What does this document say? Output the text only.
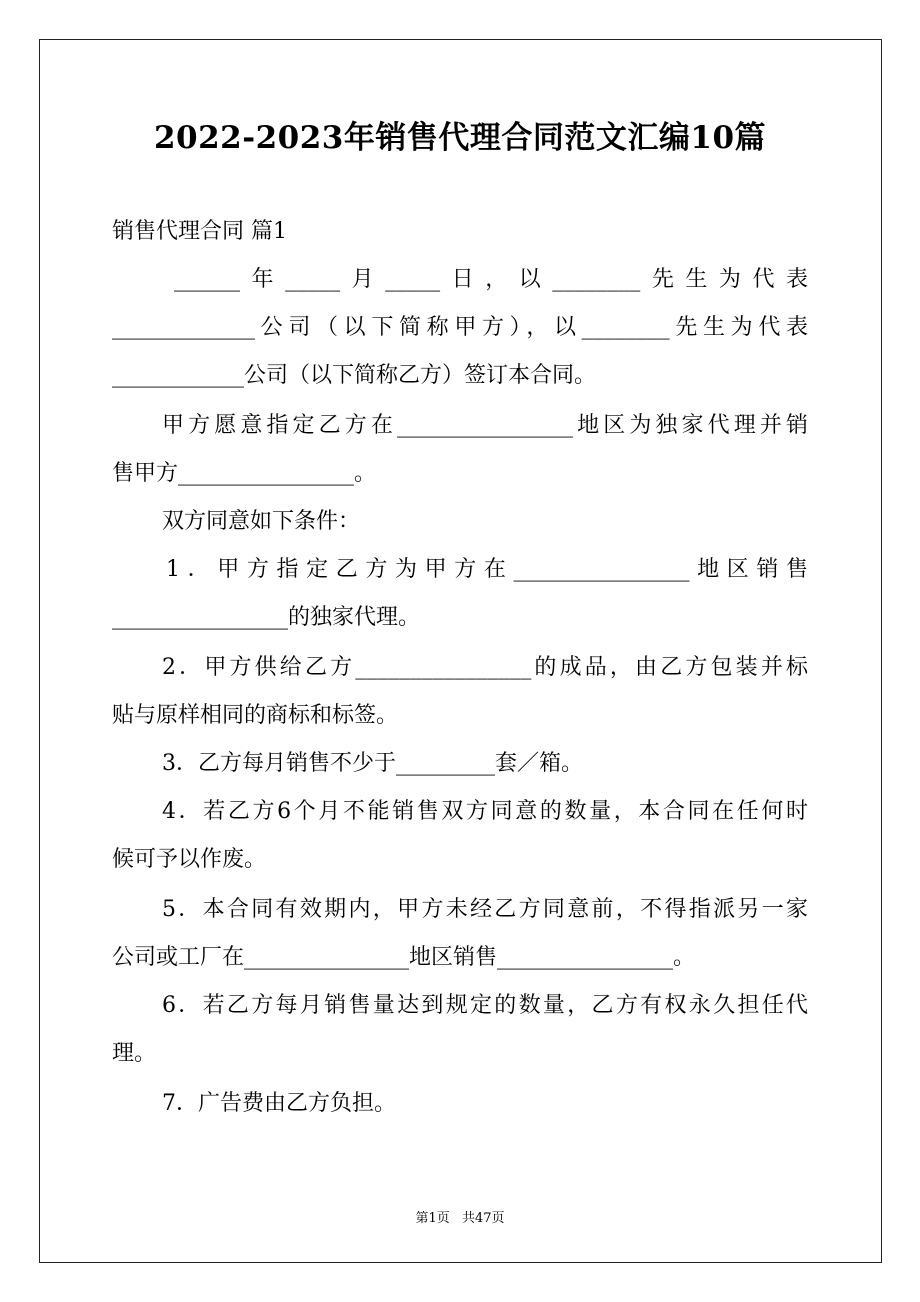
2022-2023年销售代理合同范文汇编10篇
销售代理合同 篇1
______年_____月_____日，以________先生为代表
_____________公司（以下简称甲方），以________先生为代表
____________公司（以下简称乙方）签订本合同。
甲方愿意指定乙方在________________地区为独家代理并销
售甲方________________。
双方同意如下条件：
1．甲方指定乙方为甲方在________________地区销售
________________的独家代理。
2．甲方供给乙方________________的成品，由乙方包装并标
贴与原样相同的商标和标签。
3．乙方每月销售不少于_________套／箱。
4．若乙方6个月不能销售双方同意的数量，本合同在任何时
候可予以作废。
5．本合同有效期内，甲方未经乙方同意前，不得指派另一家
公司或工厂在_______________地区销售________________。
6．若乙方每月销售量达到规定的数量，乙方有权永久担任代
理。
7．广告费由乙方负担。
第1页 共47页
